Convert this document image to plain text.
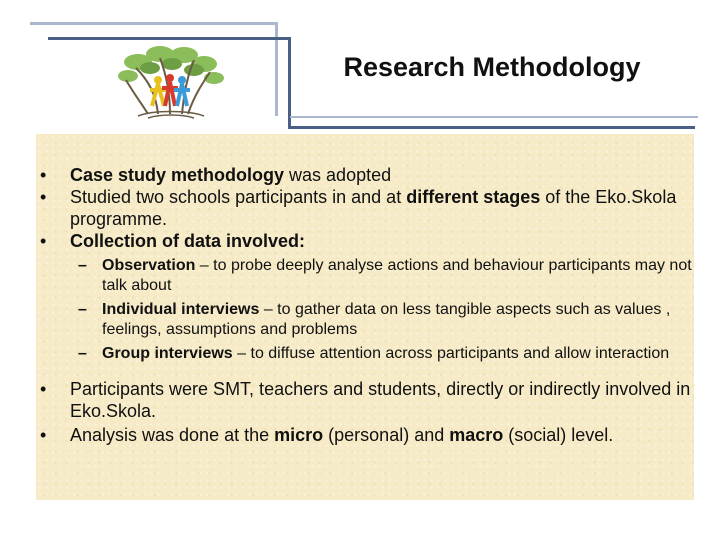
Research Methodology

• Case study methodology was adopted

• Studied two schools participants in and at different stages of the Eko.Skola programme.

• Collection of data involved:

– Observation – to probe deeply analyse actions and behaviour participants may not talk about

– Individual interviews – to gather data on less tangible aspects such as values , feelings, assumptions and problems

– Group interviews – to diffuse attention across participants and allow interaction

• Participants were SMT, teachers and students, directly or indirectly involved in Eko.Skola.

• Analysis was done at the micro (personal) and macro (social) level.
